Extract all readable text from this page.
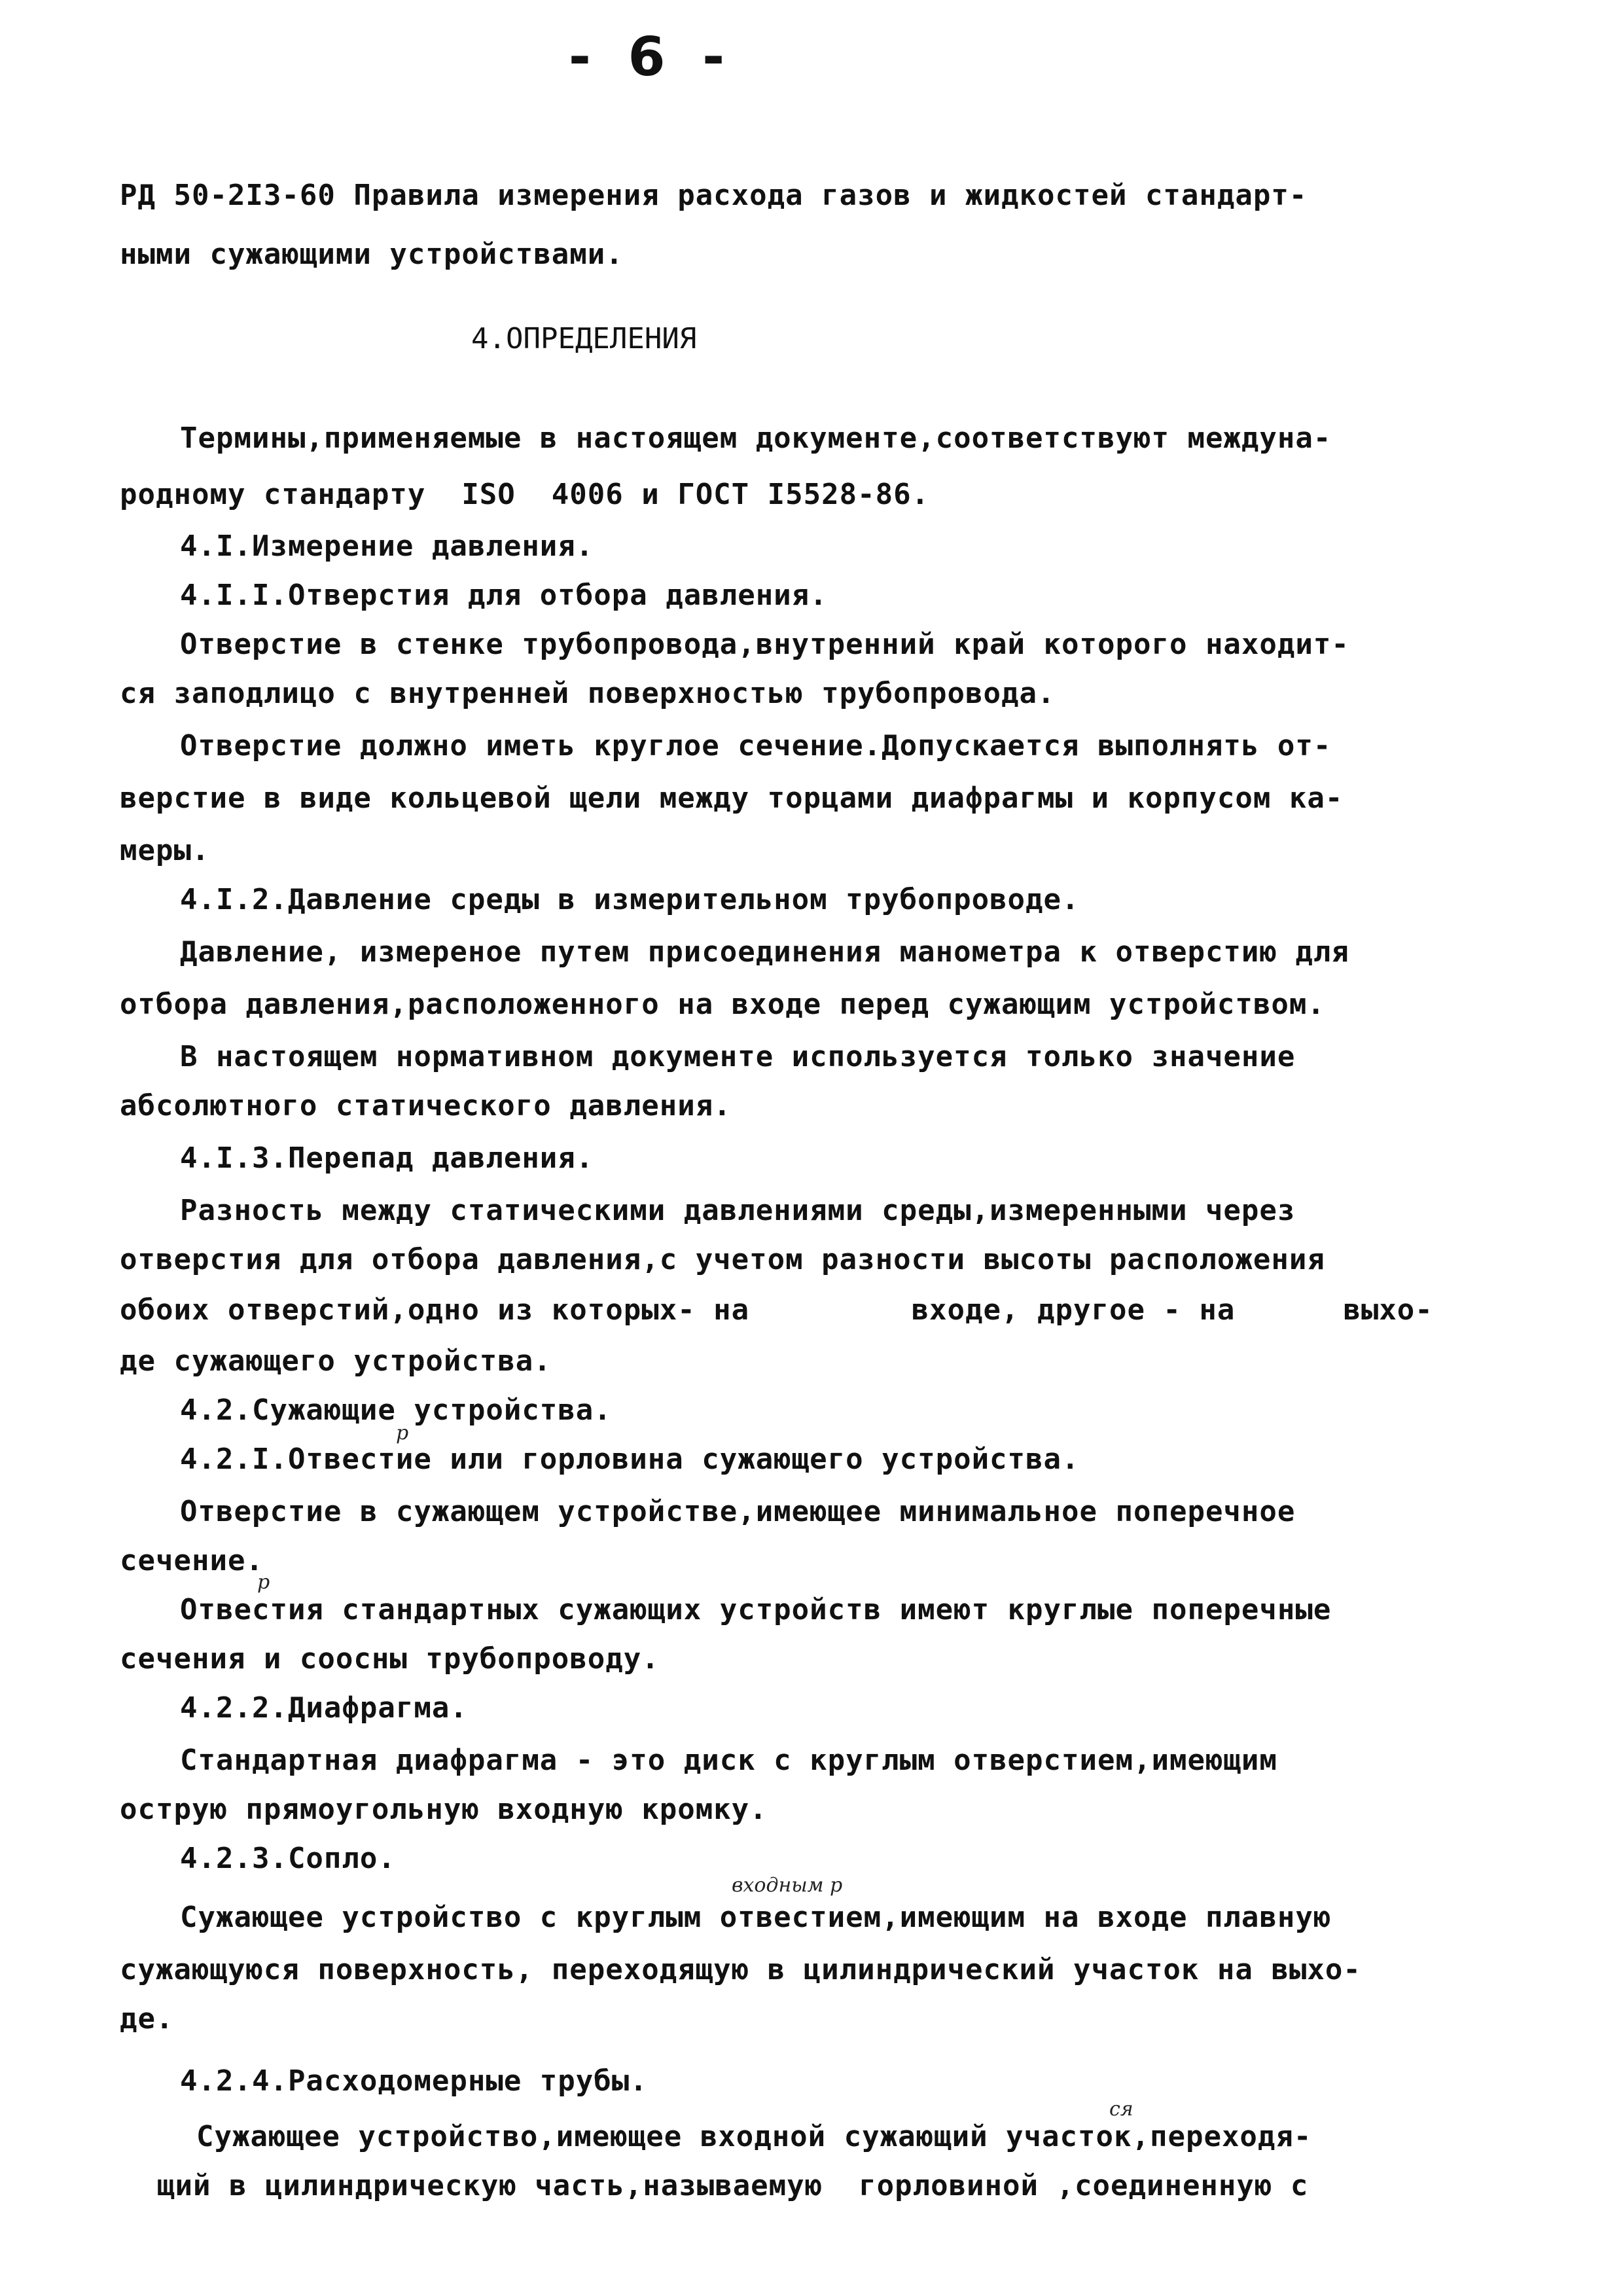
- 6 -
РД 50-2I3-60 Правила измерения расхода газов и жидкостей стандарт-
ными сужающими устройствами.
4.ОПРЕДЕЛЕНИЯ
Термины,применяемые в настоящем документе,соответствуют междуна-
родному стандарту  ISO  4006 и ГОСТ I5528-86.
4.I.Измерение давления.
4.I.I.Отверстия для отбора давления.
Отверстие в стенке трубопровода,внутренний край которого находит-
ся заподлицо с внутренней поверхностью трубопровода.
Отверстие должно иметь круглое сечение.Допускается выполнять от-
верстие в виде кольцевой щели между торцами диафрагмы и корпусом ка-
меры.
4.I.2.Давление среды в измерительном трубопроводе.
Давление, измереное путем присоединения манометра к отверстию для
отбора давления,расположенного на входе перед сужающим устройством.
В настоящем нормативном документе используется только значение
абсолютного статического давления.
4.I.3.Перепад давления.
Разность между статическими давлениями среды,измеренными через
отверстия для отбора давления,с учетом разности высоты расположения
обоих отверстий,одно из которых- на         входе, другое - на      выхо-
де сужающего устройства.
4.2.Сужающие устройства.
4.2.I.Отвестие или горловина сужающего устройства.
Отверстие в сужающем устройстве,имеющее минимальное поперечное
сечение.
Отвестия стандартных сужающих устройств имеют круглые поперечные
сечения и соосны трубопроводу.
4.2.2.Диафрагма.
Стандартная диафрагма - это диск с круглым отверстием,имеющим
острую прямоугольную входную кромку.
4.2.3.Сопло.
Сужающее устройство с круглым отвестием,имеющим на входе плавную
сужающуюся поверхность, переходящую в цилиндрический участок на выхо-
де.
4.2.4.Расходомерные трубы.
Сужающее устройство,имеющее входной сужающий участок,переходя-
щий в цилиндрическую часть,называемую  горловиной ,соединенную с
р
р
входным р
ся
